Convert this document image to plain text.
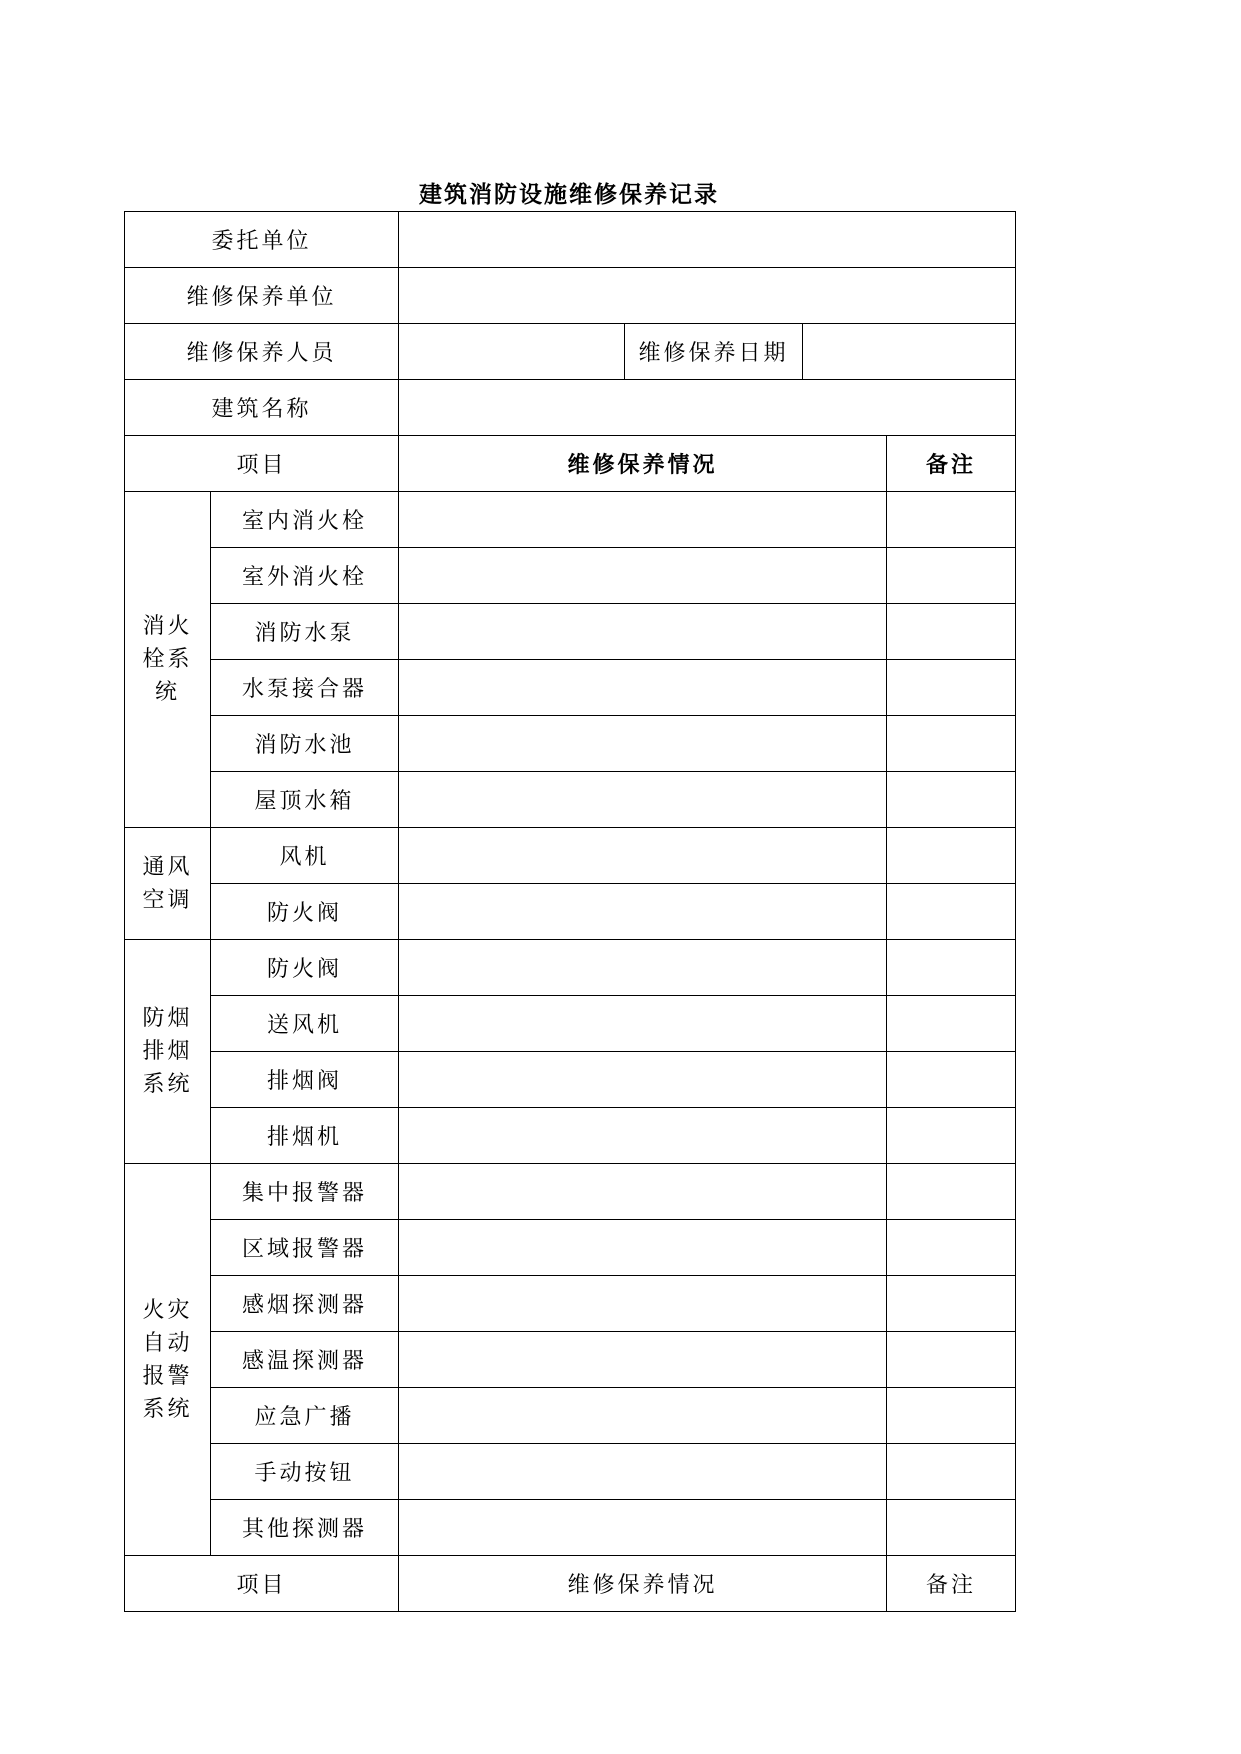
建筑消防设施维修保养记录
委托单位					
维修保养单位					
维修保养人员			维修保养日期		
建筑名称					
项目		维修保养情况			备注

消火
栓系
统	室内消火栓				
	室外消火栓				
	消防水泵				
	水泵接合器				
	消防水池				
	屋顶水箱				

通风
空调	风机				
	防火阀				

防烟
排烟
系统	防火阀				
	送风机				
	排烟阀				
	排烟机				

火灾
自动
报警
系统	集中报警器				
	区域报警器				
	感烟探测器				
	感温探测器				
	应急广播				
	手动按钮				
	其他探测器				
项目		维修保养情况			备注
